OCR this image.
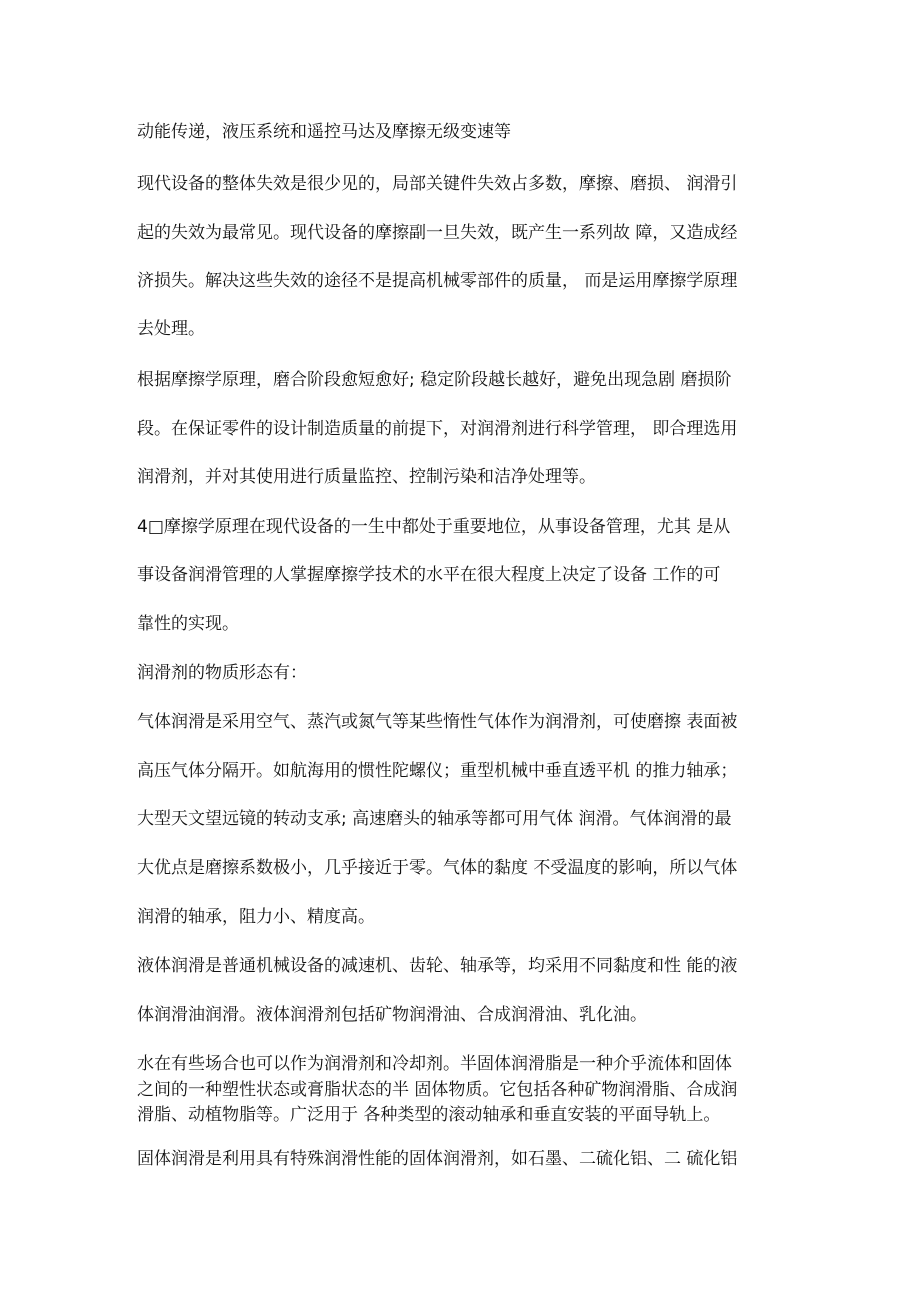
动能传递，液压系统和遥控马达及摩擦无级变速等
现代设备的整体失效是很少见的，局部关键件失效占多数，摩擦、磨损、 润滑引
起的失效为最常见。现代设备的摩擦副一旦失效，既产生一系列故 障，又造成经
济损失。解决这些失效的途径不是提高机械零部件的质量， 而是运用摩擦学原理
去处理。
根据摩擦学原理，磨合阶段愈短愈好; 稳定阶段越长越好，避免出现急剧 磨损阶
段。在保证零件的设计制造质量的前提下，对润滑剂进行科学管理， 即合理选用
润滑剂，并对其使用进行质量监控、控制污染和洁净处理等。
4□摩擦学原理在现代设备的一生中都处于重要地位，从事设备管理，尤其 是从
事设备润滑管理的人掌握摩擦学技术的水平在很大程度上决定了设备 工作的可
靠性的实现。
润滑剂的物质形态有：
气体润滑是采用空气、蒸汽或氮气等某些惰性气体作为润滑剂，可使磨擦 表面被
高压气体分隔开。如航海用的惯性陀螺仪；重型机械中垂直透平机 的推力轴承；
大型天文望远镜的转动支承; 高速磨头的轴承等都可用气体 润滑。气体润滑的最
大优点是磨擦系数极小，几乎接近于零。气体的黏度 不受温度的影响，所以气体
润滑的轴承，阻力小、精度高。
液体润滑是普通机械设备的减速机、齿轮、轴承等，均采用不同黏度和性 能的液
体润滑油润滑。液体润滑剂包括矿物润滑油、合成润滑油、乳化油。
水在有些场合也可以作为润滑剂和冷却剂。半固体润滑脂是一种介乎流体和固体
之间的一种塑性状态或膏脂状态的半 固体物质。它包括各种矿物润滑脂、合成润
滑脂、动植物脂等。广泛用于 各种类型的滚动轴承和垂直安装的平面导轨上。
固体润滑是利用具有特殊润滑性能的固体润滑剂，如石墨、二硫化铝、二 硫化铝
